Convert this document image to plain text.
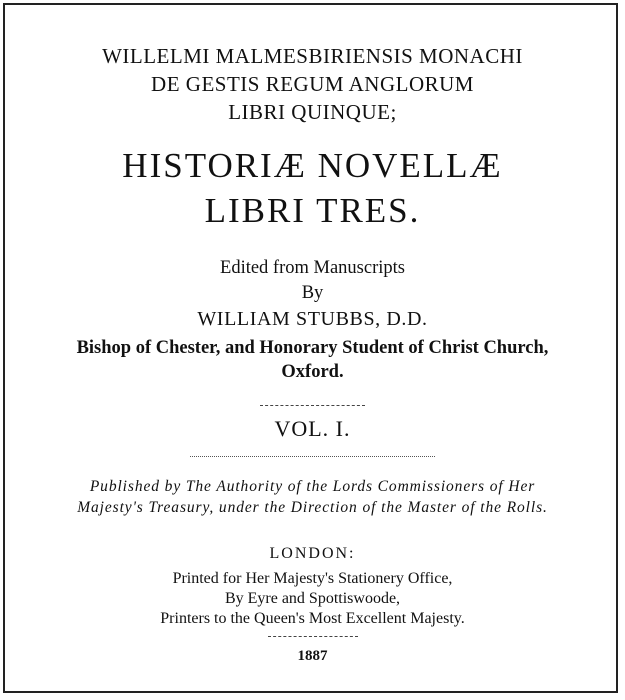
WILLELMI MALMESBIRIENSIS MONACHI
DE GESTIS REGUM ANGLORUM
LIBRI QUINQUE;
HISTORIÆ NOVELLÆ
LIBRI TRES.
Edited from Manuscripts
By
WILLIAM STUBBS, D.D.
Bishop of Chester, and Honorary Student of Christ Church,
Oxford.
VOL. I.
Published by The Authority of the Lords Commissioners of Her
Majesty's Treasury, under the Direction of the Master of the Rolls.
LONDON:
Printed for Her Majesty's Stationery Office,
By Eyre and Spottiswoode,
Printers to the Queen's Most Excellent Majesty.
1887
